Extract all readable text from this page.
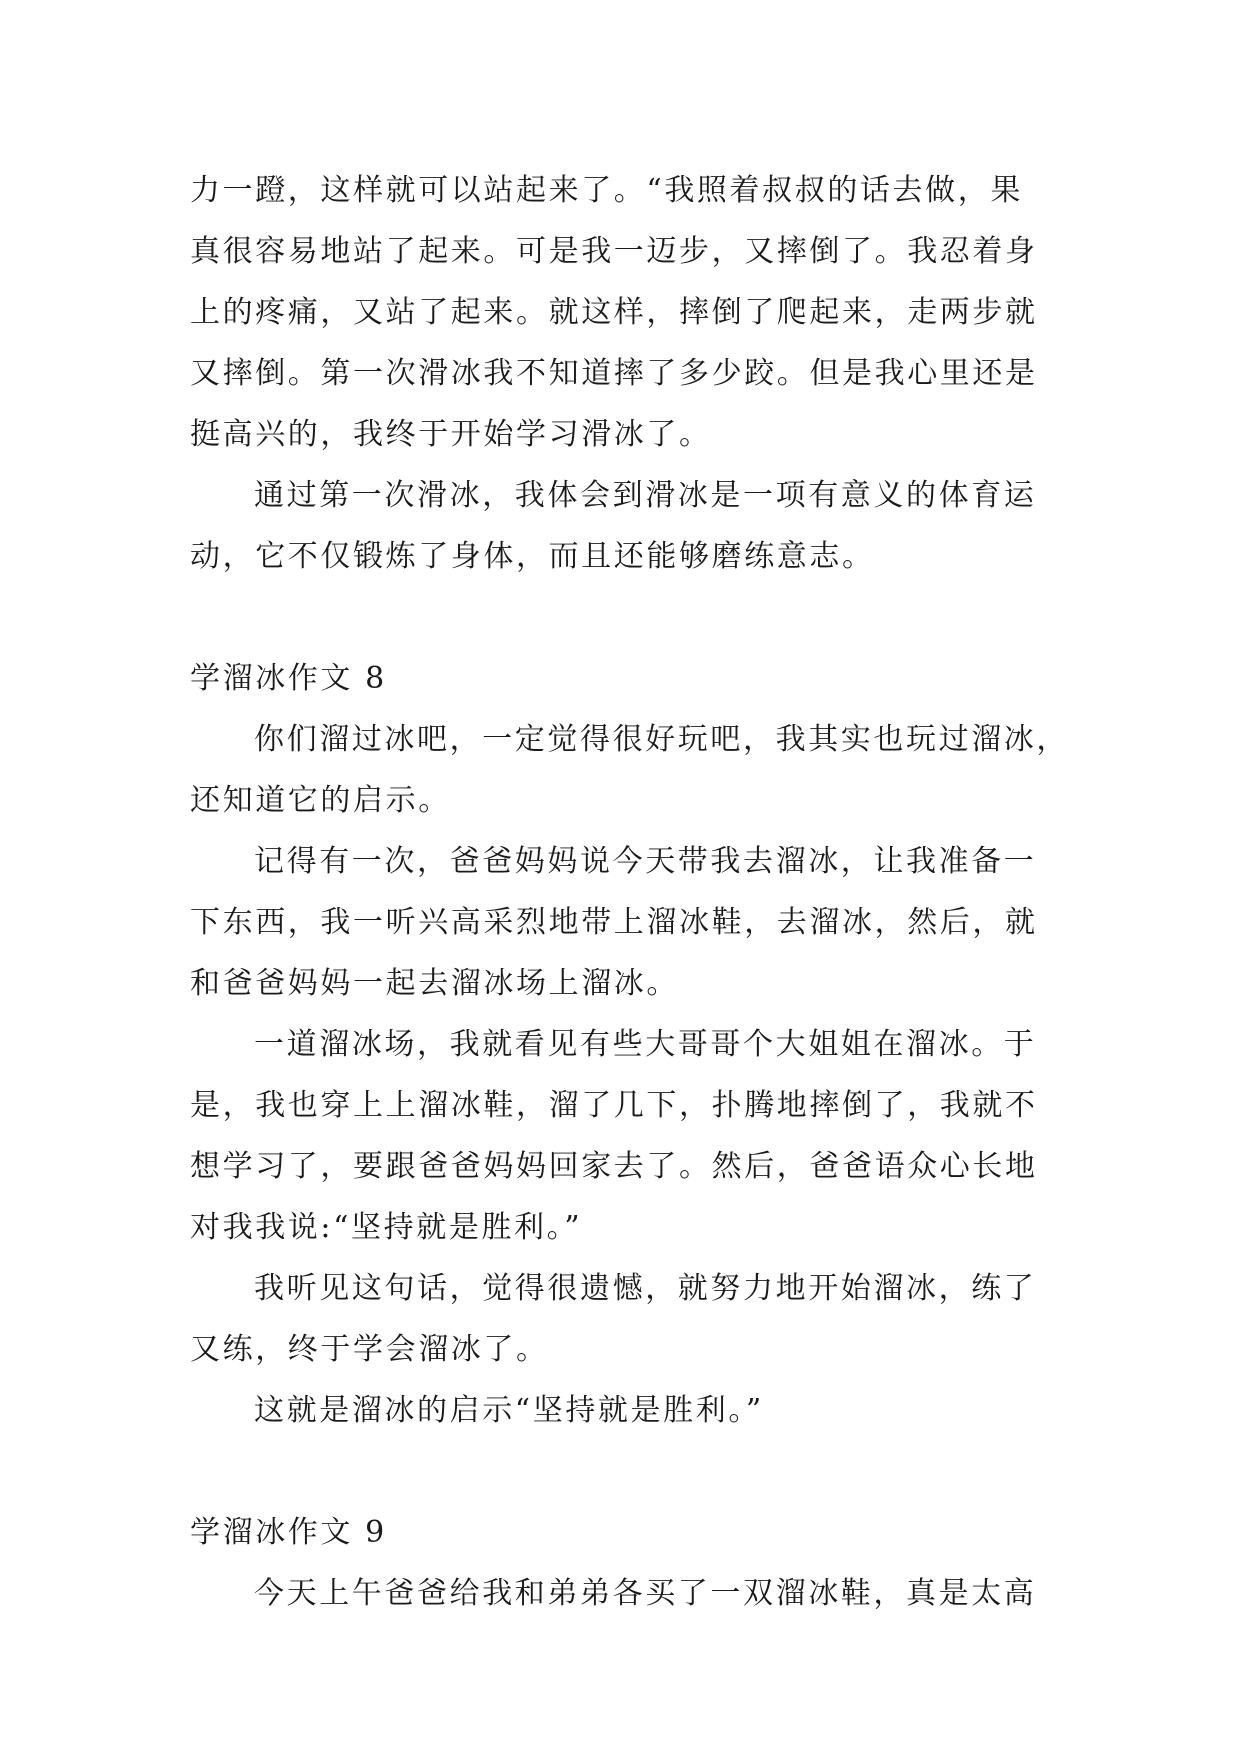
力一蹬，这样就可以站起来了。“我照着叔叔的话去做，果
真很容易地站了起来。可是我一迈步，又摔倒了。我忍着身
上的疼痛，又站了起来。就这样，摔倒了爬起来，走两步就
又摔倒。第一次滑冰我不知道摔了多少跤。但是我心里还是
挺高兴的，我终于开始学习滑冰了。
通过第一次滑冰，我体会到滑冰是一项有意义的体育运
动，它不仅锻炼了身体，而且还能够磨练意志。
学溜冰作文 8
你们溜过冰吧，一定觉得很好玩吧，我其实也玩过溜冰，
还知道它的启示。
记得有一次，爸爸妈妈说今天带我去溜冰，让我准备一
下东西，我一听兴高采烈地带上溜冰鞋，去溜冰，然后，就
和爸爸妈妈一起去溜冰场上溜冰。
一道溜冰场，我就看见有些大哥哥个大姐姐在溜冰。于
是，我也穿上上溜冰鞋，溜了几下，扑腾地摔倒了，我就不
想学习了，要跟爸爸妈妈回家去了。然后，爸爸语众心长地
对我我说:“坚持就是胜利。”
我听见这句话，觉得很遗憾，就努力地开始溜冰，练了
又练，终于学会溜冰了。
这就是溜冰的启示“坚持就是胜利。”
学溜冰作文 9
今天上午爸爸给我和弟弟各买了一双溜冰鞋，真是太高
